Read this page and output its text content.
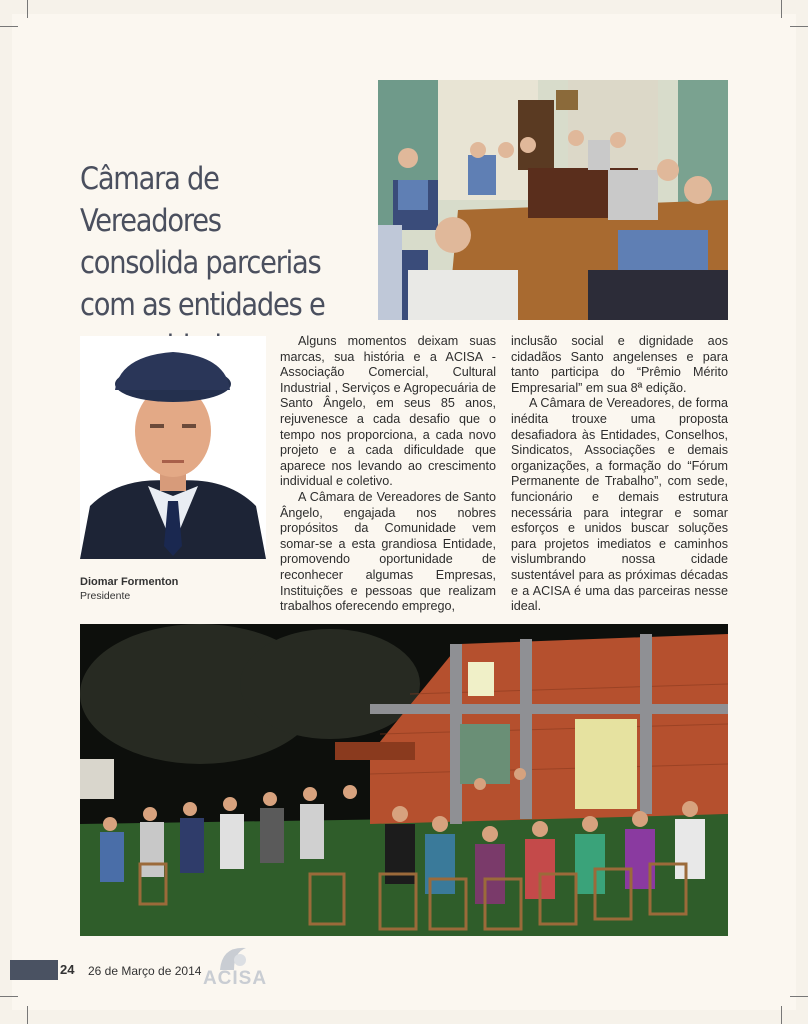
Câmara de Vereadores consolida parcerias com as entidades e
Diomar Formenton
Presidente

Alguns momentos deixam suas marcas, sua história e a ACISA - Associação Comercial, Cultural Industrial , Serviços e Agropecuária de Santo Ângelo, em seus 85 anos, rejuvenesce a cada desafio que o tempo nos proporciona, a cada novo projeto e a cada dificuldade que aparece nos levando ao crescimento individual e coletivo.

A Câmara de Vereadores de Santo Ângelo, engajada nos nobres propósitos da Comunidade vem somar-se a esta grandiosa Entidade, promovendo oportunidade de reconhecer algumas Empresas, Instituições e pessoas que realizam trabalhos oferecendo emprego,

inclusão social e dignidade aos cidadãos Santo angelenses e para tanto participa do “Prêmio Mérito Empresarial” em sua 8ª edição.

A Câmara de Vereadores, de forma inédita trouxe uma proposta desafiadora às Entidades, Conselhos, Sindicatos, Associações e demais organizações, a formação do “Fórum Permanente de Trabalho”, com sede, funcionário e demais estrutura necessária para integrar e somar esforços e unidos buscar soluções para projetos imediatos e caminhos vislumbrando nossa cidade sustentável para as próximas décadas e a ACISA é uma das parceiras nesse ideal.

24 26 de Março de 2014 ACISA
